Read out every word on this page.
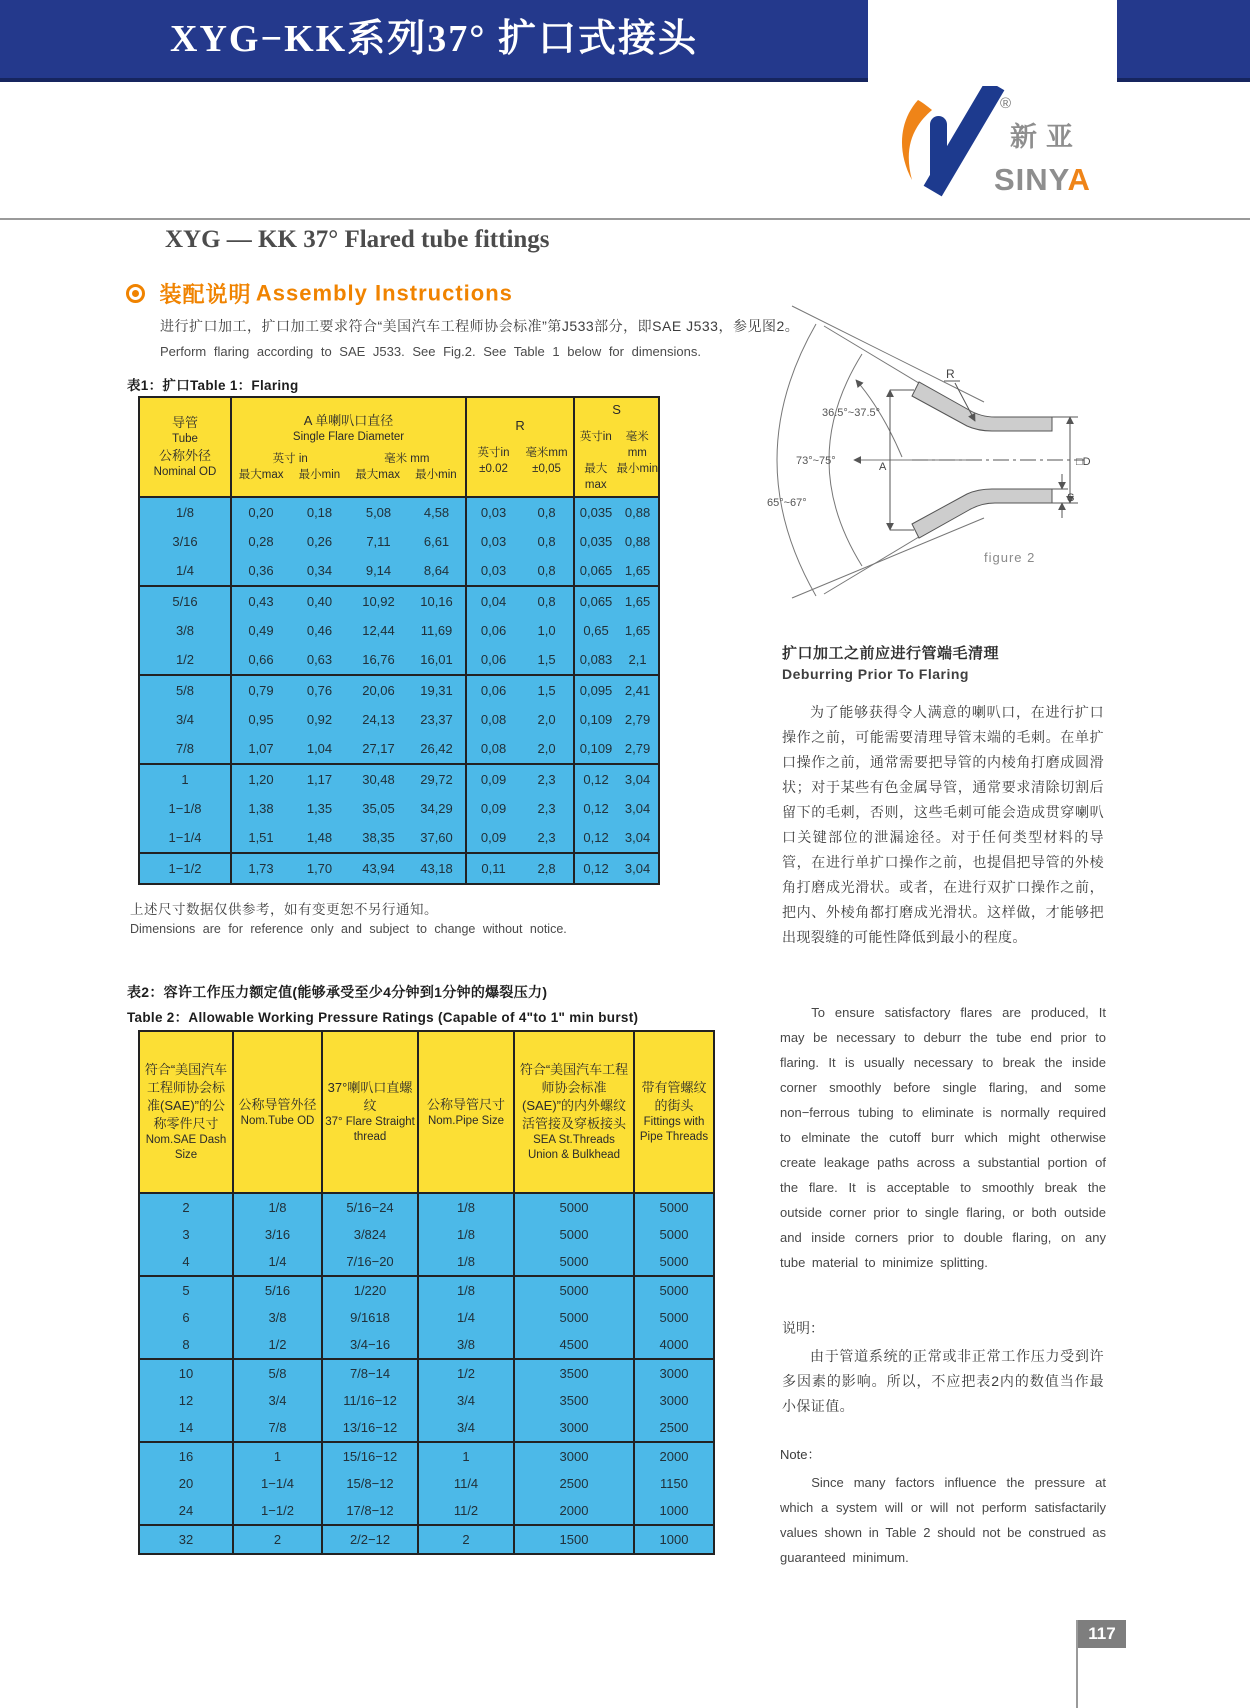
XYG−KK系列37° 扩口式接头
®
新亚
SINYA
XYG — KK 37° Flared tube fittings
装配说明 Assembly Instructions
进行扩口加工，扩口加工要求符合“美国汽车工程师协会标准”第J533部分，即SAE J533，参见图2。
Perform flaring according to SAE J533. See Fig.2. See Table 1 below for dimensions.
表1：扩口Table 1：Flaring
导管
Tube
公称外径
Nominal OD

A 单喇叭口直径
Single Flare Diameter
英寸 in	毫米 mm
最大max	最小min	最大max	最小min

R
英寸in	毫米mm
±0.02	±0,05

S
英寸in	毫米mm
最大max
最小min

1/8	0,20	0,18	5,08	4,58	0,03	0,8	0,035	0,88
3/16	0,28	0,26	7,11	6,61	0,03	0,8	0,035	0,88
1/4	0,36	0,34	9,14	8,64	0,03	0,8	0,065	1,65
5/16	0,43	0,40	10,92	10,16	0,04	0,8	0,065	1,65
3/8	0,49	0,46	12,44	11,69	0,06	1,0	0,65	1,65
1/2	0,66	0,63	16,76	16,01	0,06	1,5	0,083	2,1
5/8	0,79	0,76	20,06	19,31	0,06	1,5	0,095	2,41
3/4	0,95	0,92	24,13	23,37	0,08	2,0	0,109	2,79
7/8	1,07	1,04	27,17	26,42	0,08	2,0	0,109	2,79
1	1,20	1,17	30,48	29,72	0,09	2,3	0,12	3,04
1−1/8	1,38	1,35	35,05	34,29	0,09	2,3	0,12	3,04
1−1/4	1,51	1,48	38,35	37,60	0,09	2,3	0,12	3,04
1−1/2	1,73	1,70	43,94	43,18	0,11	2,8	0,12	3,04
上述尺寸数据仅供参考，如有变更恕不另行通知。
Dimensions are for reference only and subject to change without notice.
表2：容许工作压力额定值(能够承受至少4分钟到1分钟的爆裂压力)
Table 2：Allowable Working Pressure Ratings (Capable of 4"to 1" min burst)
符合“美国汽车工程师协会标准(SAE)”的公称零件尺寸
Nom.SAE Dash Size

公称导管外径
Nom.Tube OD

37°喇叭口直螺纹
37° Flare Straight thread

公称导管尺寸
Nom.Pipe Size

符合“美国汽车工程师协会标准(SAE)”的内外螺纹活管接及穿板接头
SEA St.Threads Union & Bulkhead

带有管螺纹的街头
Fittings with Pipe Threads

2	1/8	5/16−24	1/8	5000	5000
3	3/16	3/824	1/8	5000	5000
4	1/4	7/16−20	1/8	5000	5000
5	5/16	1/220	1/8	5000	5000
6	3/8	9/1618	1/4	5000	5000
8	1/2	3/4−16	3/8	4500	4000
10	5/8	7/8−14	1/2	3500	3000
12	3/4	11/16−12	3/4	3500	3000
14	7/8	13/16−12	3/4	3000	2500
16	1	15/16−12	1	3000	2000
20	1−1/4	15/8−12	11/4	2500	1150
24	1−1/2	17/8−12	11/2	2000	1000
32	2	2/2−12	2	1500	1000
A
R
□D
S
36.5°~37.5°
73°~75°
65°~67°
figure 2
扩口加工之前应进行管端毛清理
Deburring Prior To Flaring
为了能够获得令人满意的喇叭口，在进行扩口操作之前，可能需要清理导管末端的毛刺。在单扩口操作之前，通常需要把导管的内棱角打磨成圆滑状；对于某些有色金属导管，通常要求清除切割后留下的毛刺，否则，这些毛刺可能会造成贯穿喇叭口关键部位的泄漏途径。对于任何类型材料的导管，在进行单扩口操作之前，也提倡把导管的外棱角打磨成光滑状。或者，在进行双扩口操作之前，把内、外棱角都打磨成光滑状。这样做，才能够把出现裂缝的可能性降低到最小的程度。
To ensure satisfactory flares are produced, It may be necessary to deburr the tube end prior to flaring. It is usually necessary to break the inside corner smoothly before single flaring, and some non−ferrous tubing to eliminate is normally required to elminate the cutoff burr which might otherwise create leakage paths across a substantial portion of the flare. It is acceptable to smoothly break the outside corner prior to single flaring, or both outside and inside corners prior to double flaring, on any tube material to minimize splitting.
说明：
由于管道系统的正常或非正常工作压力受到许多因素的影响。所以，不应把表2内的数值当作最小保证值。
Note：
Since many factors influence the pressure at which a system will or will not perform satisfactarily values shown in Table 2 should not be construed as guaranteed minimum.
117
